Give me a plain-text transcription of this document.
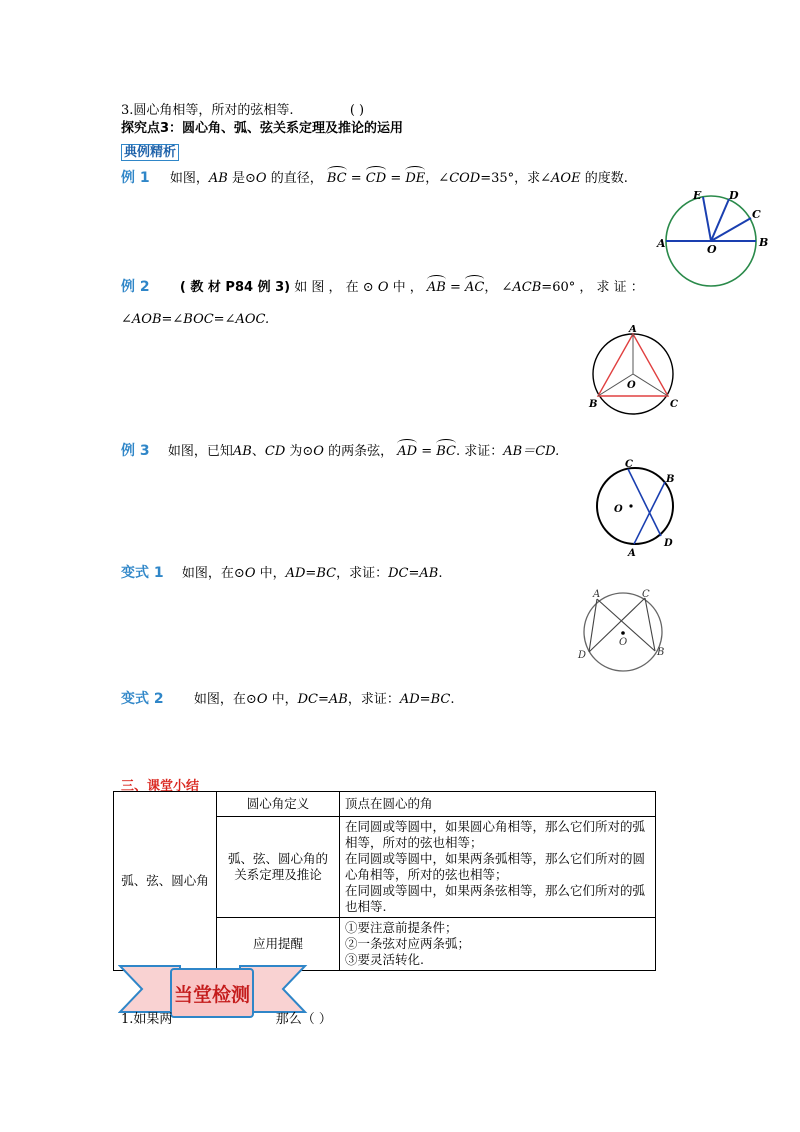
3.圆心角相等，所对的弦相等.	( )
探究点3：圆心角、弧、弦关系定理及推论的运用
典例精析
例 1 如图，AB 是⊙O 的直径， BC = CD = DE，∠COD=35°，求∠AOE 的度数.
A	B
C
D
E
O
例 2 ( 教 材 P84 例 3) 如 图 ， 在 ⊙ O 中 ， AB = AC， ∠ACB=60° ， 求 证 ：
∠AOB=∠BOC=∠AOC.
A
B	C
O
例 3 如图，已知AB、CD 为⊙O 的两条弦， AD = BC. 求证：AB＝CD.
C
B
O
A
D
变式 1 如图，在⊙O 中，AD=BC，求证：DC=AB.
A	C
D	B
O
变式 2 如图，在⊙O 中，DC=AB，求证：AD=BC.
三、课堂小结
弧、弦、圆心角	圆心角定义	顶点在圆心的角
	弧、弦、圆心角的关系定理及推论	在同圆或等圆中，如果圆心角相等，那么它们所对的弧相等，所对的弦也相等；
在同圆或等圆中，如果两条弧相等，那么它们所对的圆心角相等，所对的弦也相等；
在同圆或等圆中，如果两条弦相等，那么它们所对的弧也相等.

	应用提醒	①要注意前提条件；
②一条弦对应两条弧；
③要灵活转化.
当堂检测
1.如果两	那么（ ）
